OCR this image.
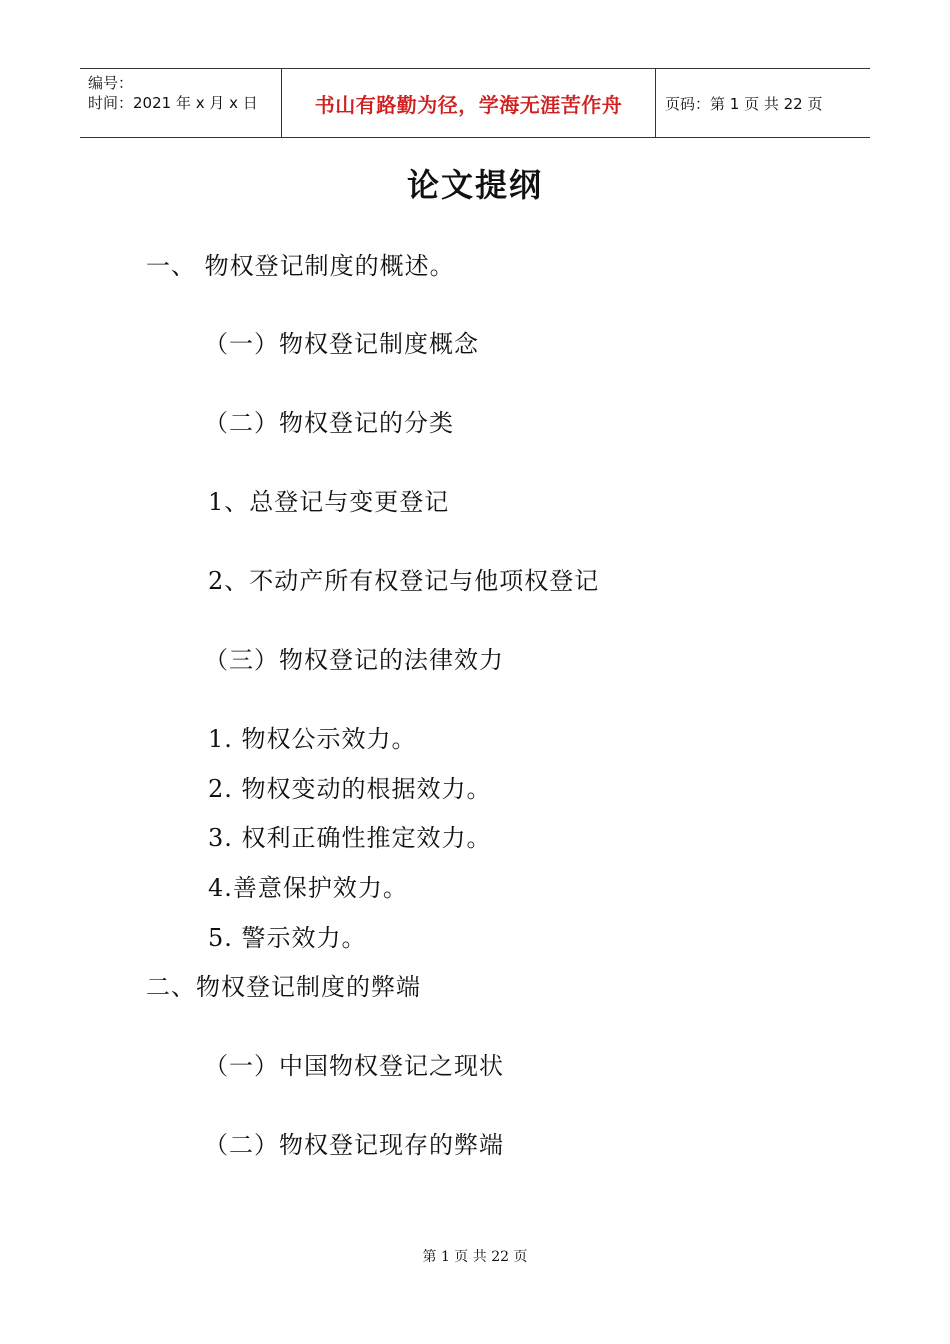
编号：
时间：2021 年 x 月 x 日	书山有路勤为径，学海无涯苦作舟	页码：第 1 页 共 22 页
论文提纲
一、 物权登记制度的概述。
（一）物权登记制度概念
（二）物权登记的分类
1、总登记与变更登记
2、不动产所有权登记与他项权登记
（三）物权登记的法律效力
1. 物权公示效力。
2. 物权变动的根据效力。
3. 权利正确性推定效力。
4.善意保护效力。
5. 警示效力。
二、物权登记制度的弊端
（一）中国物权登记之现状
（二）物权登记现存的弊端
第 1 页 共 22 页
